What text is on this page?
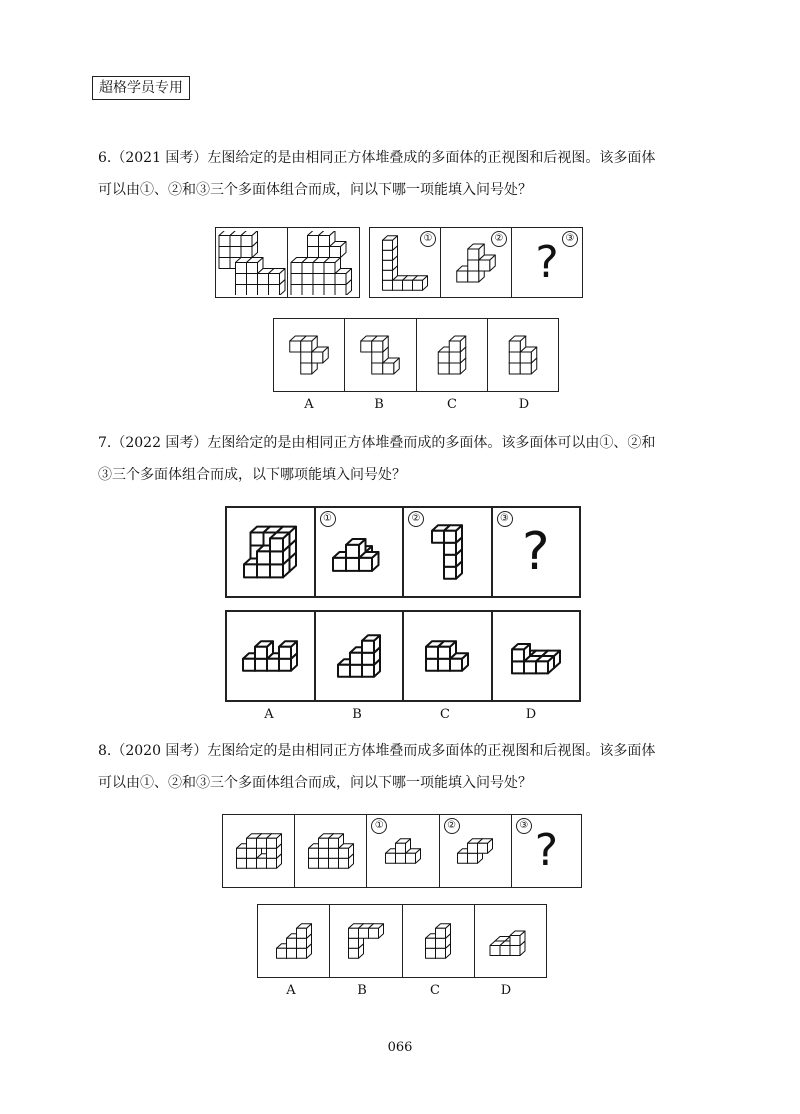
超格学员专用
6.（2021 国考）左图给定的是由相同正方体堆叠成的多面体的正视图和后视图。该多面体
可以由①、②和③三个多面体组合而成，问以下哪一项能填入问号处？
①	②	③
?
A	B	C	D
7.（2022 国考）左图给定的是由相同正方体堆叠而成的多面体。该多面体可以由①、②和
③三个多面体组合而成，以下哪项能填入问号处？
①	②	③
?
A	B	C	D
8.（2020 国考）左图给定的是由相同正方体堆叠而成多面体的正视图和后视图。该多面体
可以由①、②和③三个多面体组合而成，问以下哪一项能填入问号处？
①	②	③ ?
A	B	C	D
066
